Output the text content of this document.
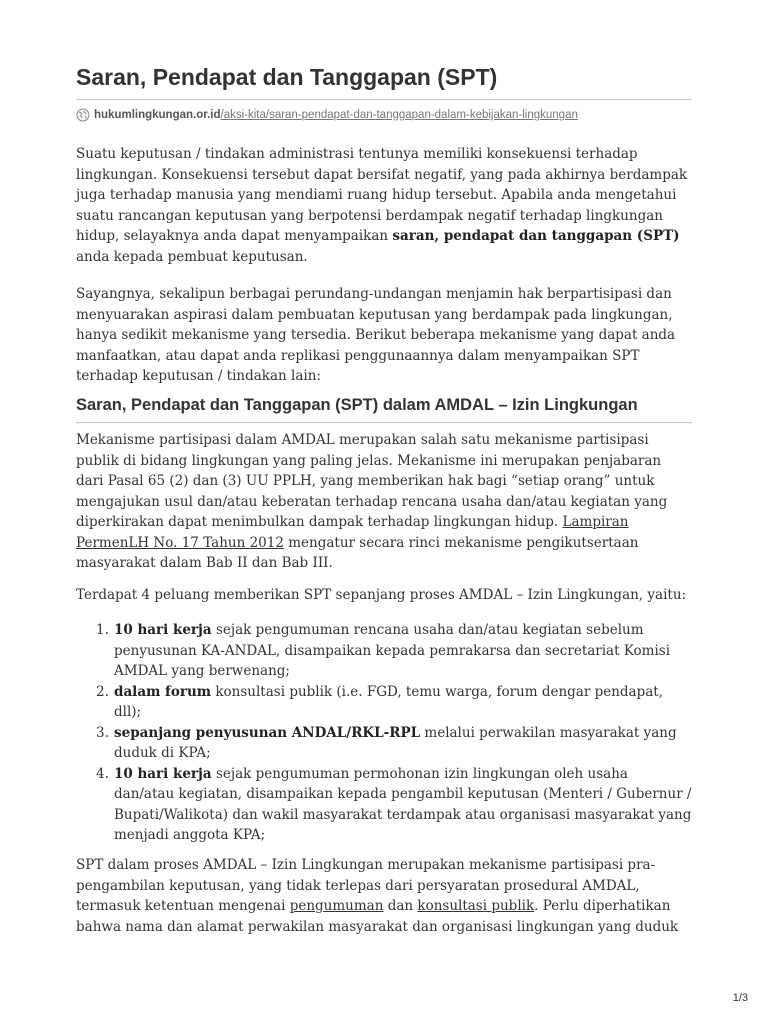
Saran, Pendapat dan Tanggapan (SPT)
hukumlingkungan.or.id /aksi-kita/saran-pendapat-dan-tanggapan-dalam-kebijakan-lingkungan

Suatu keputusan / tindakan administrasi tentunya memiliki konsekuensi terhadap lingkungan. Konsekuensi tersebut dapat bersifat negatif, yang pada akhirnya berdampak juga terhadap manusia yang mendiami ruang hidup tersebut. Apabila anda mengetahui suatu rancangan keputusan yang berpotensi berdampak negatif terhadap lingkungan hidup, selayaknya anda dapat menyampaikan saran, pendapat dan tanggapan (SPT) anda kepada pembuat keputusan.

Sayangnya, sekalipun berbagai perundang-undangan menjamin hak berpartisipasi dan menyuarakan aspirasi dalam pembuatan keputusan yang berdampak pada lingkungan, hanya sedikit mekanisme yang tersedia. Berikut beberapa mekanisme yang dapat anda manfaatkan, atau dapat anda replikasi penggunaannya dalam menyampaikan SPT terhadap keputusan / tindakan lain:

Saran, Pendapat dan Tanggapan (SPT) dalam AMDAL – Izin Lingkungan

Mekanisme partisipasi dalam AMDAL merupakan salah satu mekanisme partisipasi publik di bidang lingkungan yang paling jelas. Mekanisme ini merupakan penjabaran dari Pasal 65 (2) dan (3) UU PPLH, yang memberikan hak bagi “setiap orang” untuk mengajukan usul dan/atau keberatan terhadap rencana usaha dan/atau kegiatan yang diperkirakan dapat menimbulkan dampak terhadap lingkungan hidup. Lampiran PermenLH No. 17 Tahun 2012 mengatur secara rinci mekanisme pengikutsertaan masyarakat dalam Bab II dan Bab III.

Terdapat 4 peluang memberikan SPT sepanjang proses AMDAL – Izin Lingkungan, yaitu:

1. 10 hari kerja sejak pengumuman rencana usaha dan/atau kegiatan sebelum penyusunan KA-ANDAL, disampaikan kepada pemrakarsa dan secretariat Komisi AMDAL yang berwenang;
2. dalam forum konsultasi publik (i.e. FGD, temu warga, forum dengar pendapat, dll);
3. sepanjang penyusunan ANDAL/RKL-RPL melalui perwakilan masyarakat yang duduk di KPA;
4. 10 hari kerja sejak pengumuman permohonan izin lingkungan oleh usaha dan/atau kegiatan, disampaikan kepada pengambil keputusan (Menteri / Gubernur / Bupati/Walikota) dan wakil masyarakat terdampak atau organisasi masyarakat yang menjadi anggota KPA;

SPT dalam proses AMDAL – Izin Lingkungan merupakan mekanisme partisipasi pra-pengambilan keputusan, yang tidak terlepas dari persyaratan prosedural AMDAL, termasuk ketentuan mengenai pengumuman dan konsultasi publik. Perlu diperhatikan bahwa nama dan alamat perwakilan masyarakat dan organisasi lingkungan yang duduk

1/3
